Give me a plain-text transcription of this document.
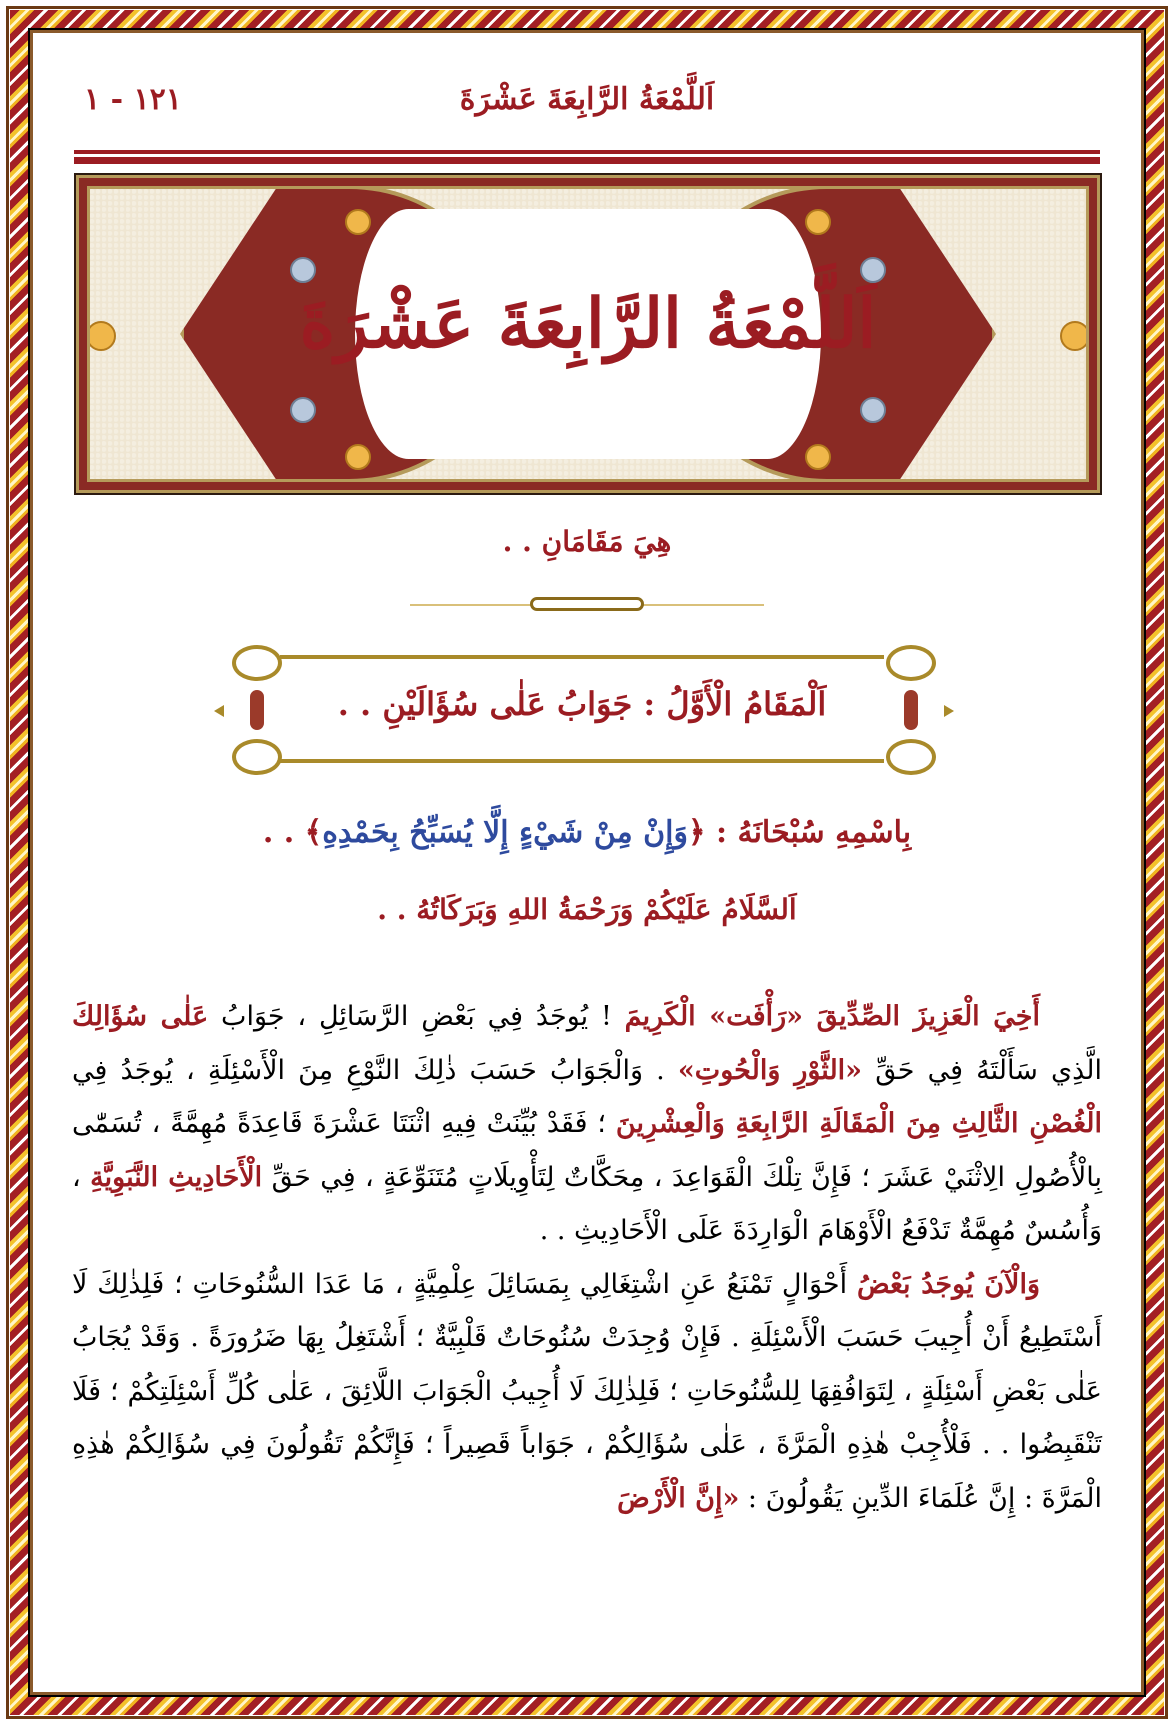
اَللَّمْعَةُ الرَّابِعَةَ عَشْرَةَ
١٢١ - ١
اَللَّمْعَةُ الرَّابِعَةَ عَشْرَةَ
هِيَ مَقَامَانِ . .
اَلْمَقَامُ الْأَوَّلُ : جَوَابُ عَلٰى سُؤَالَيْنِ . .
بِاسْمِهِ سُبْحَانَهُ : ﴿وَإِنْ مِنْ شَيْءٍ إِلَّا يُسَبِّحُ بِحَمْدِهِ﴾ . .
اَلسَّلَامُ عَلَيْكُمْ وَرَحْمَةُ اللهِ وَبَرَكَاتُهُ . .

أَخِيَ الْعَزِيزَ الصِّدِّيقَ «رَأْفَت» الْكَرِيمَ ! يُوجَدُ فِي بَعْضِ الرَّسَائِلِ ، جَوَابُ عَلٰى سُؤَالِكَ الَّذِي سَأَلْتَهُ فِي حَقِّ «الثَّوْرِ وَالْحُوتِ» . وَالْجَوَابُ حَسَبَ ذٰلِكَ النَّوْعِ مِنَ الْأَسْئِلَةِ ، يُوجَدُ فِي الْغُصْنِ الثَّالِثِ مِنَ الْمَقَالَةِ الرَّابِعَةِ وَالْعِشْرِينَ ؛ فَقَدْ بُيِّنَتْ فِيهِ اثْنَتَا عَشْرَةَ قَاعِدَةً مُهِمَّةً ، تُسَمّٰى بِالْأُصُولِ الِاثْنَيْ عَشَرَ ؛ فَإِنَّ تِلْكَ الْقَوَاعِدَ ، مِحَكَّاتٌ لِتَأْوِيلَاتٍ مُتَنَوِّعَةٍ ، فِي حَقِّ الْأَحَادِيثِ النَّبَوِيَّةِ ، وَأُسُسٌ مُهِمَّةٌ تَدْفَعُ الْأَوْهَامَ الْوَارِدَةَ عَلَى الْأَحَادِيثِ . .

وَالْآنَ يُوجَدُ بَعْضُ أَحْوَالٍ تَمْنَعُ عَنِ اشْتِغَالِي بِمَسَائِلَ عِلْمِيَّةٍ ، مَا عَدَا السُّنُوحَاتِ ؛ فَلِذٰلِكَ لَا أَسْتَطِيعُ أَنْ أُجِيبَ حَسَبَ الْأَسْئِلَةِ . فَإِنْ وُجِدَتْ سُنُوحَاتٌ قَلْبِيَّةٌ ؛ أَشْتَغِلُ بِهَا ضَرُورَةً . وَقَدْ يُجَابُ عَلٰى بَعْضِ أَسْئِلَةٍ ، لِتَوَافُقِهَا لِلسُّنُوحَاتِ ؛ فَلِذٰلِكَ لَا أُجِيبُ الْجَوَابَ اللَّائِقَ ، عَلٰى كُلِّ أَسْئِلَتِكُمْ ؛ فَلَا تَنْقَبِضُوا . . فَلْأُجِبْ هٰذِهِ الْمَرَّةَ ، عَلٰى سُؤَالِكُمْ ، جَوَاباً قَصِيراً ؛ فَإِنَّكُمْ تَقُولُونَ فِي سُؤَالِكُمْ هٰذِهِ الْمَرَّةَ : إِنَّ عُلَمَاءَ الدِّينِ يَقُولُونَ : «إِنَّ الْأَرْضَ
